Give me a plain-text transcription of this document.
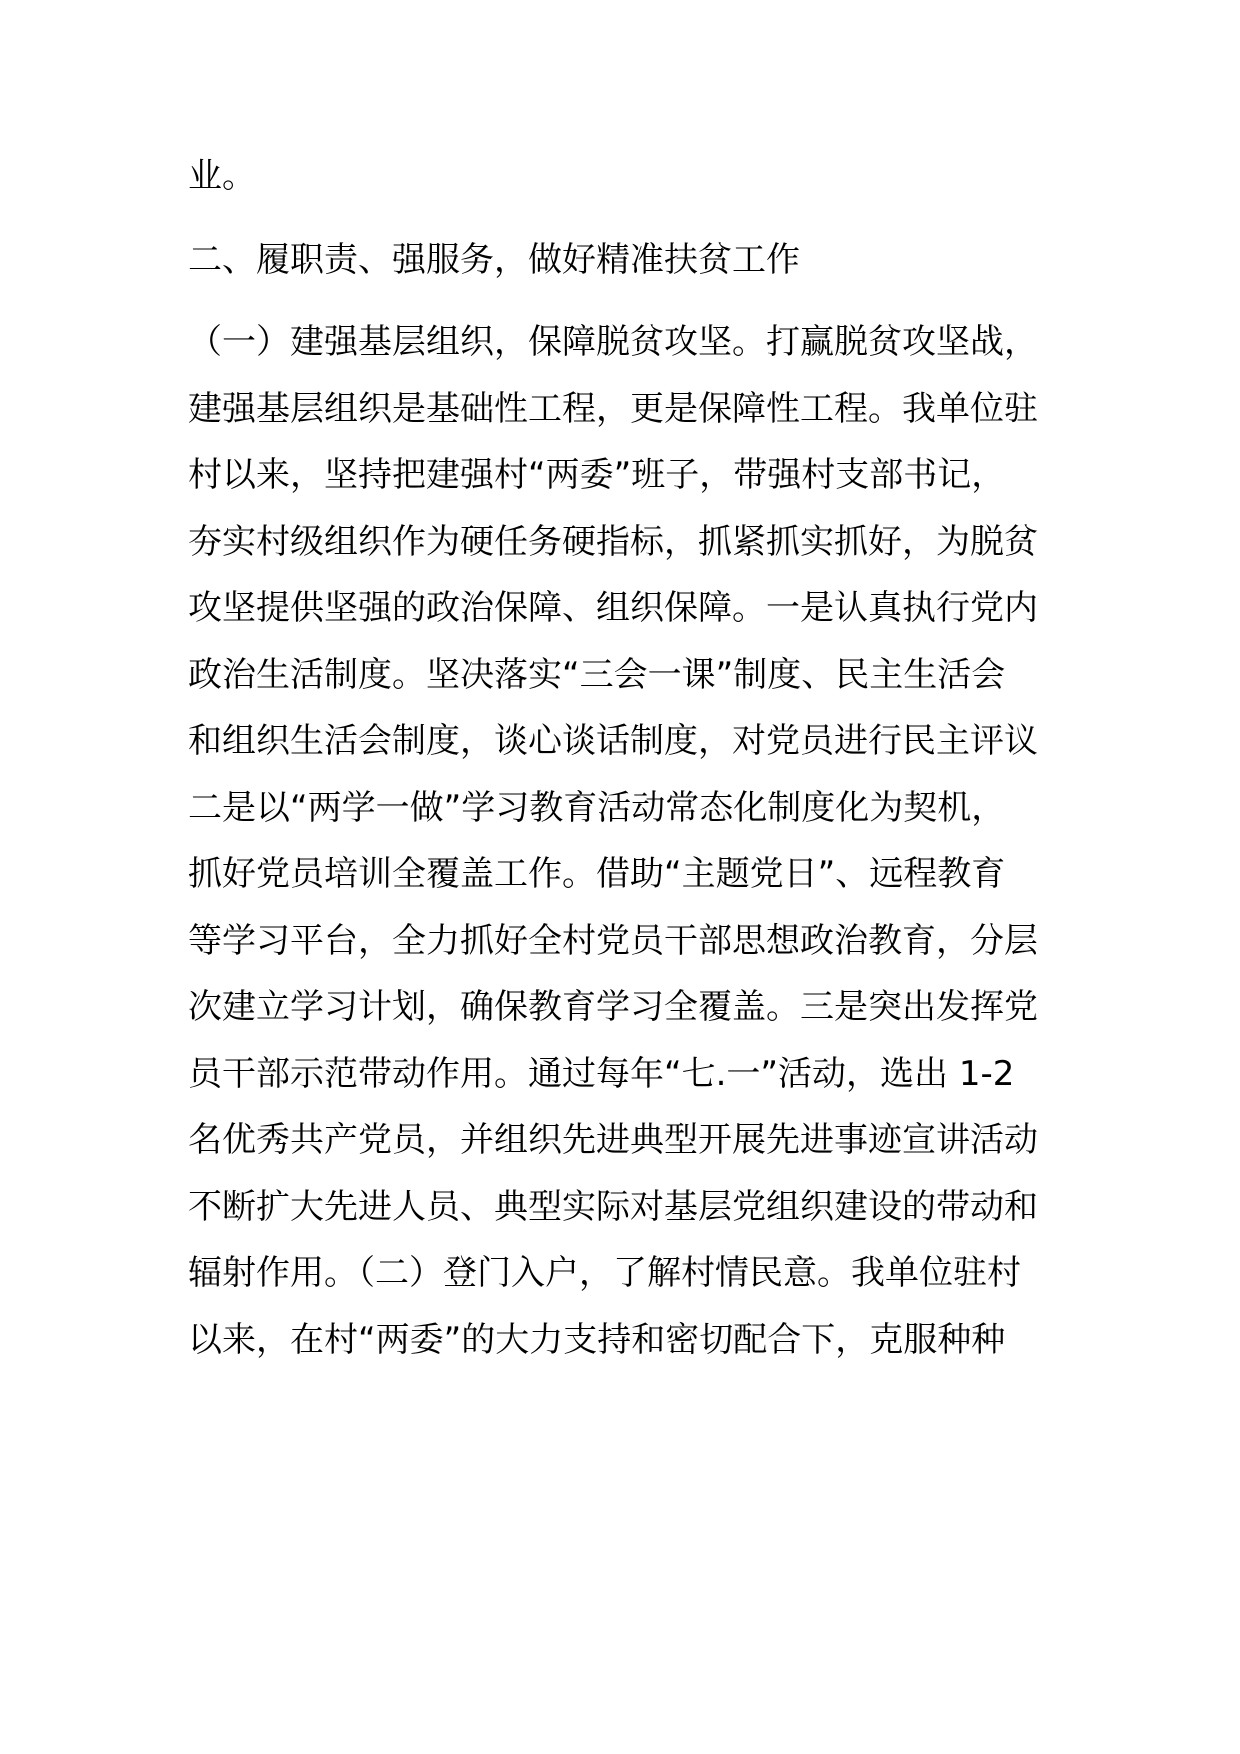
业。
二、履职责、强服务，做好精准扶贫工作
（一）建强基层组织，保障脱贫攻坚。打赢脱贫攻坚战，
建强基层组织是基础性工程，更是保障性工程。我单位驻
村以来，坚持把建强村“两委”班子，带强村支部书记，
夯实村级组织作为硬任务硬指标，抓紧抓实抓好，为脱贫
攻坚提供坚强的政治保障、组织保障。一是认真执行党内
政治生活制度。坚决落实“三会一课”制度、民主生活会
和组织生活会制度，谈心谈话制度，对党员进行民主评议
二是以“两学一做”学习教育活动常态化制度化为契机，
抓好党员培训全覆盖工作。借助“主题党日”、远程教育
等学习平台，全力抓好全村党员干部思想政治教育，分层
次建立学习计划，确保教育学习全覆盖。三是突出发挥党
员干部示范带动作用。通过每年“七.一”活动，选出 1-2
名优秀共产党员，并组织先进典型开展先进事迹宣讲活动
不断扩大先进人员、典型实际对基层党组织建设的带动和
辐射作用。（二）登门入户，了解村情民意。我单位驻村
以来，在村“两委”的大力支持和密切配合下，克服种种
